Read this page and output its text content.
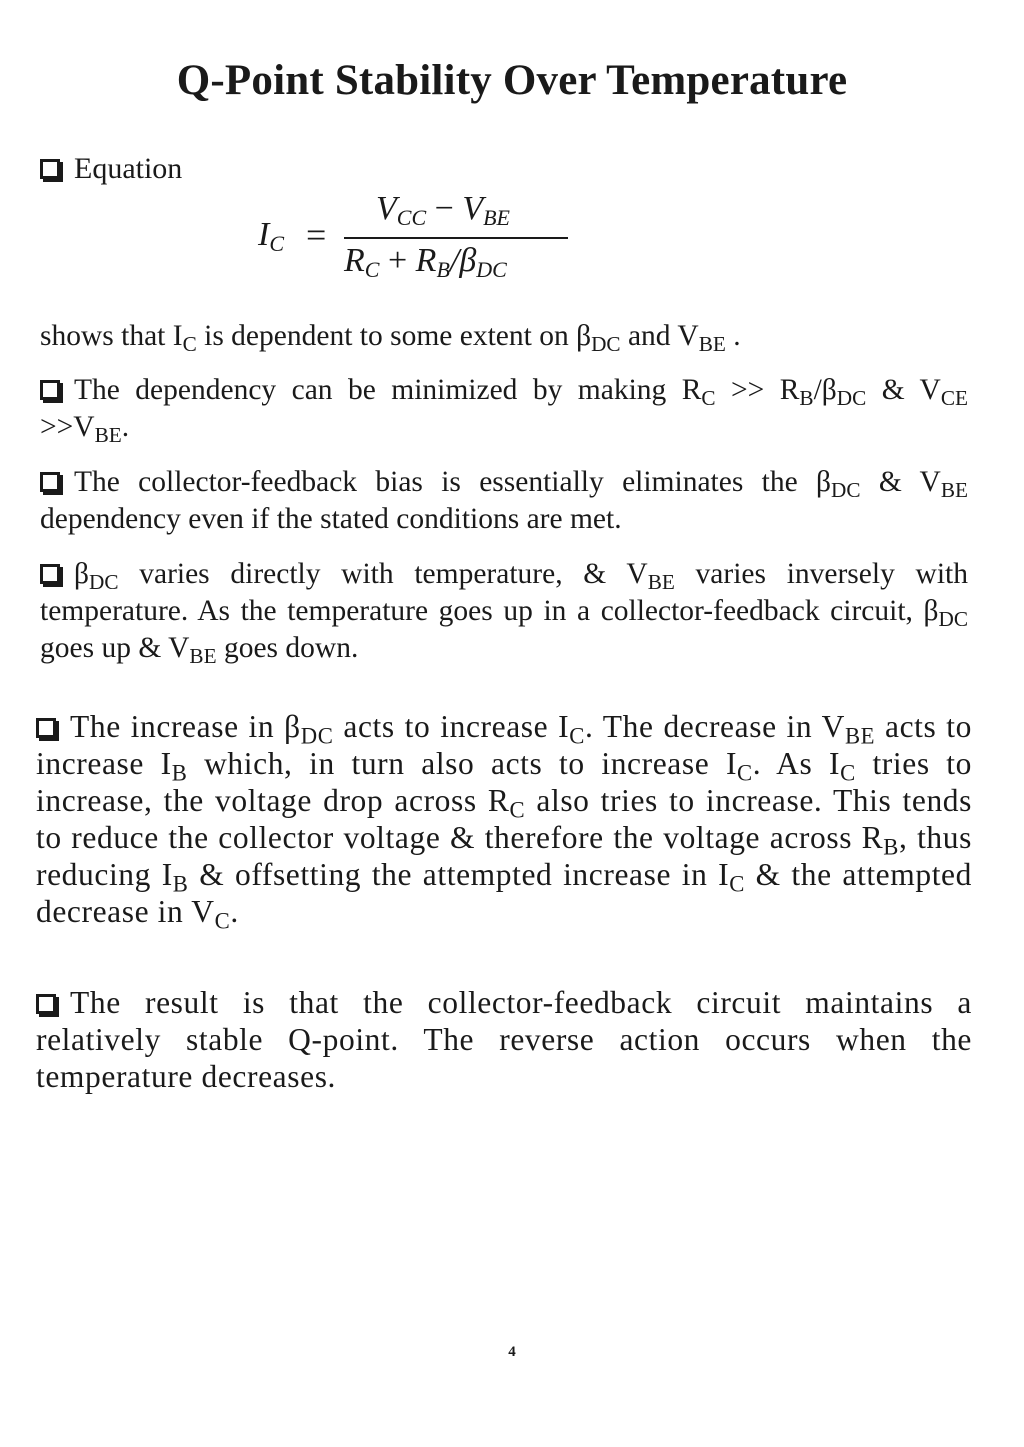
Q-Point Stability Over Temperature

Equation

$I_C$ =
$V_{CC} - V_{BE}$
$R_C + R_B/\beta_{DC}$

shows that $I_C$ is dependent to some extent on $\beta_{DC}$ and $V_{BE}$ .

The dependency can be minimized by making $R_C >> R_B/\beta_{DC}$ & $V_{CE} >>V_{BE}$.

The collector-feedback bias is essentially eliminates the $\beta_{DC}$ & $V_{BE}$ dependency even if the stated conditions are met.

$\beta_{DC}$ varies directly with temperature, & $V_{BE}$ varies inversely with temperature. As the temperature goes up in a collector-feedback circuit, $\beta_{DC}$ goes up & $V_{BE}$ goes down.

The increase in $\beta_{DC}$ acts to increase $I_C$. The decrease in $V_{BE}$ acts to increase $I_B$ which, in turn also acts to increase $I_C$. As $I_C$ tries to increase, the voltage drop across $R_C$ also tries to increase. This tends to reduce the collector voltage & therefore the voltage across $R_B$, thus reducing $I_B$ & offsetting the attempted increase in $I_C$ & the attempted decrease in $V_C$.

The result is that the collector-feedback circuit maintains a relatively stable Q-point. The reverse action occurs when the temperature decreases.

4
